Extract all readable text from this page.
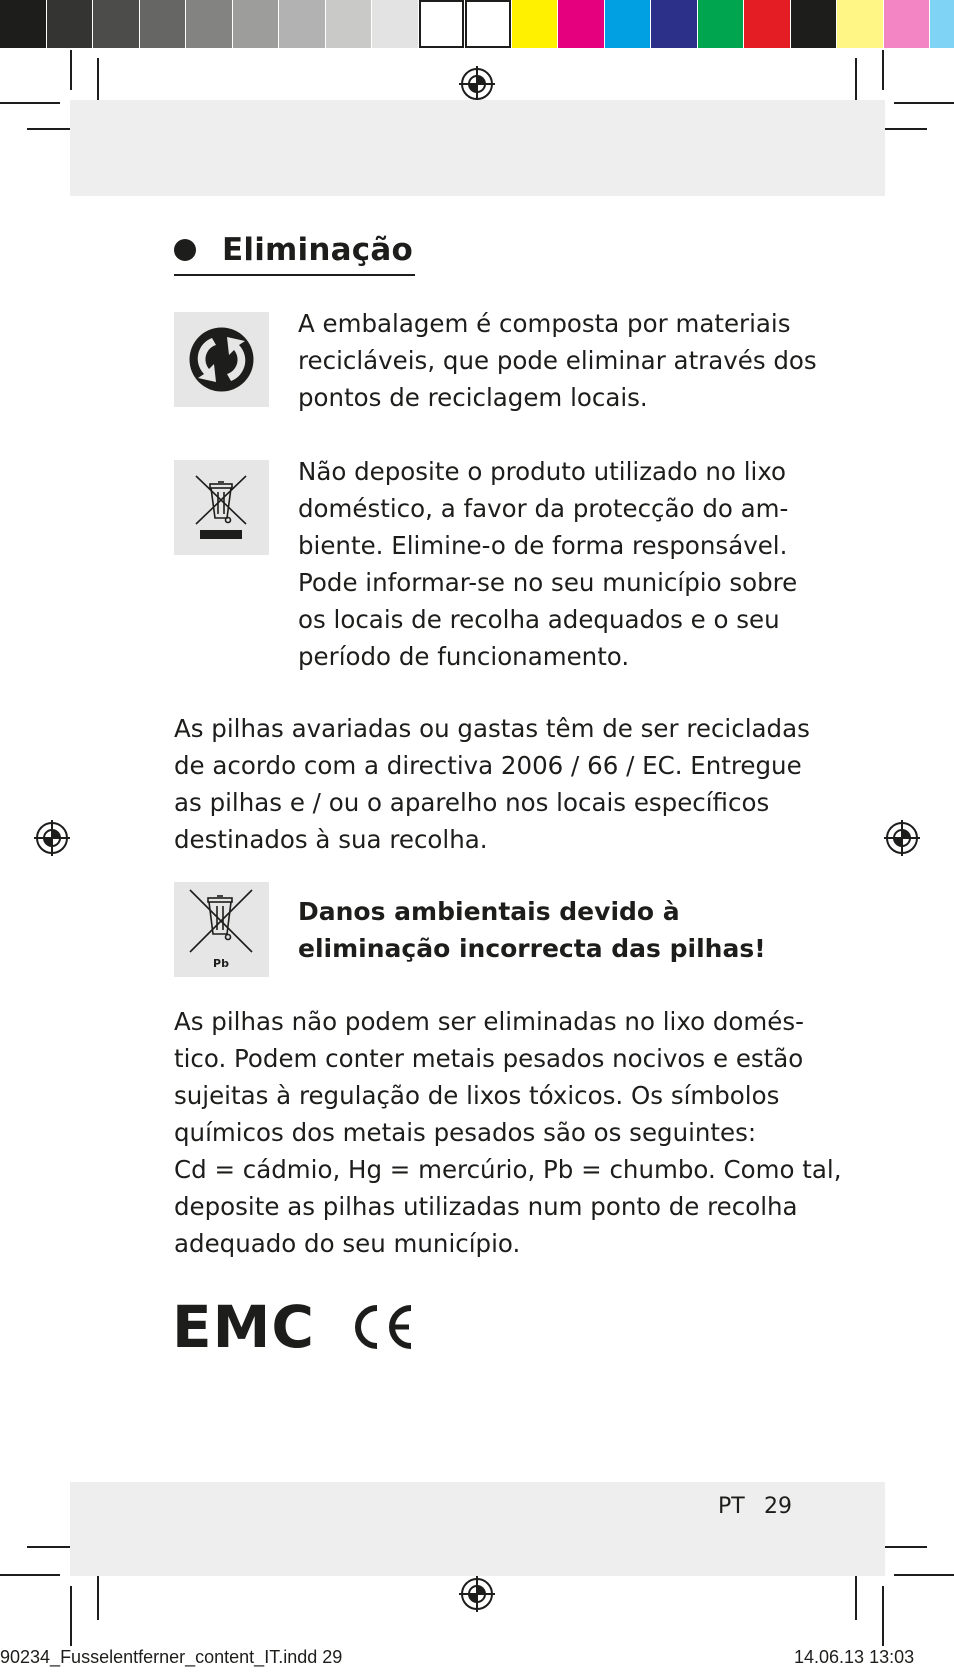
Eliminação

A embalagem é composta por materiais
recicláveis, que pode eliminar através dos
pontos de reciclagem locais.

Não deposite o produto utilizado no lixo
doméstico, a favor da protecção do am-
biente. Elimine-o de forma responsável.
Pode informar-se no seu município sobre
os locais de recolha adequados e o seu
período de funcionamento.

As pilhas avariadas ou gastas têm de ser recicladas
de acordo com a directiva 2006 / 66 / EC. Entregue
as pilhas e / ou o aparelho nos locais específicos
destinados à sua recolha.

Pb

Danos ambientais devido à
eliminação incorrecta das pilhas!

As pilhas não podem ser eliminadas no lixo domés-
tico. Podem conter metais pesados nocivos e estão
sujeitas à regulação de lixos tóxicos. Os símbolos
químicos dos metais pesados são os seguintes:
Cd = cádmio, Hg = mercúrio, Pb = chumbo. Como tal,
deposite as pilhas utilizadas num ponto de recolha
adequado do seu município.

EMC
PT 29
90234_Fusselentferner_content_IT.indd 29	14.06.13 13:03
